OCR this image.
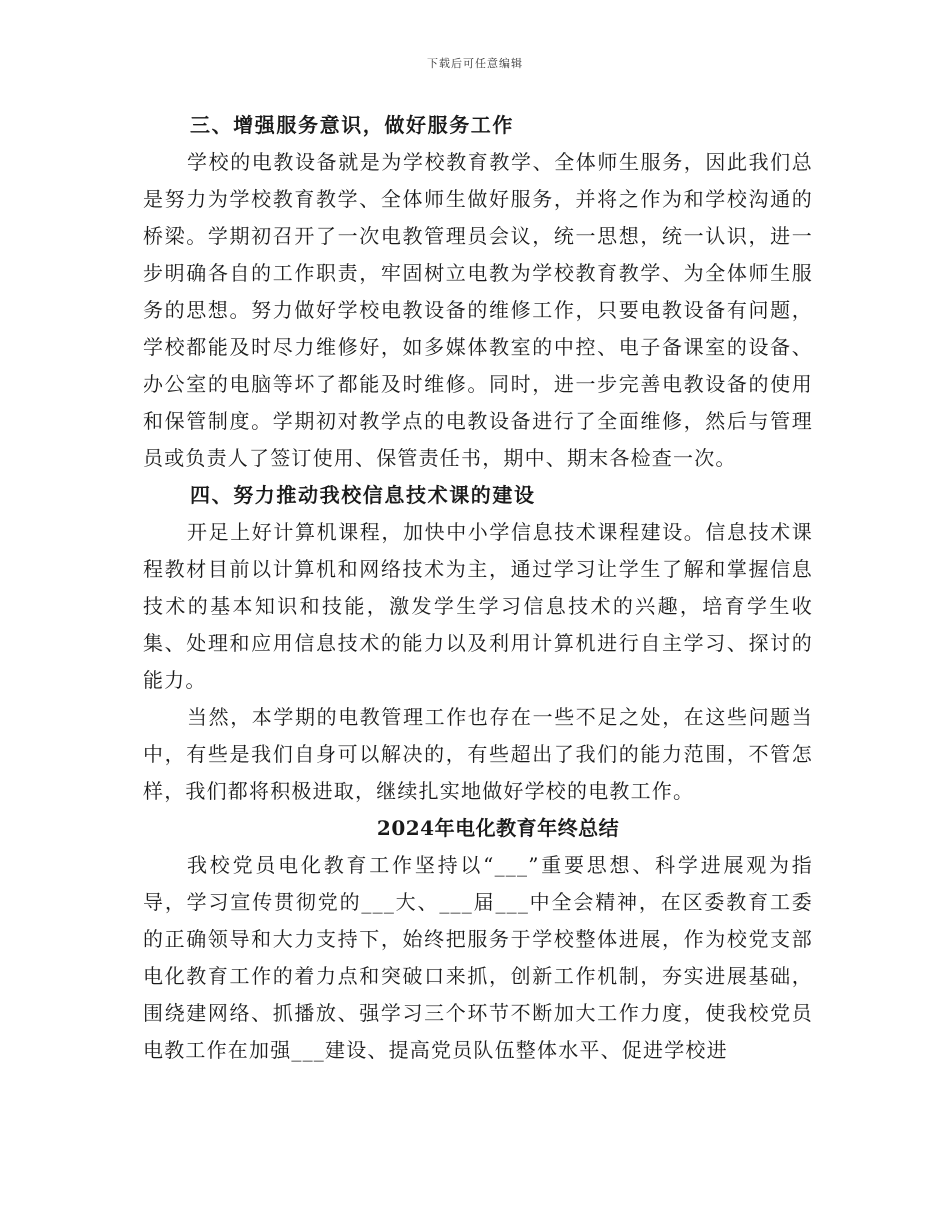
下载后可任意编辑

三、增强服务意识，做好服务工作

学校的电教设备就是为学校教育教学、全体师生服务，因此我们总是努力为学校教育教学、全体师生做好服务，并将之作为和学校沟通的桥梁。学期初召开了一次电教管理员会议，统一思想，统一认识，进一步明确各自的工作职责，牢固树立电教为学校教育教学、为全体师生服务的思想。努力做好学校电教设备的维修工作，只要电教设备有问题，学校都能及时尽力维修好，如多媒体教室的中控、电子备课室的设备、办公室的电脑等坏了都能及时维修。同时，进一步完善电教设备的使用和保管制度。学期初对教学点的电教设备进行了全面维修，然后与管理员或负责人了签订使用、保管责任书，期中、期末各检查一次。

四、努力推动我校信息技术课的建设

开足上好计算机课程，加快中小学信息技术课程建设。信息技术课程教材目前以计算机和网络技术为主，通过学习让学生了解和掌握信息技术的基本知识和技能，激发学生学习信息技术的兴趣，培育学生收集、处理和应用信息技术的能力以及利用计算机进行自主学习、探讨的能力。

当然，本学期的电教管理工作也存在一些不足之处，在这些问题当中，有些是我们自身可以解决的，有些超出了我们的能力范围，不管怎样，我们都将积极进取，继续扎实地做好学校的电教工作。

2024年电化教育年终总结

我校党员电化教育工作坚持以“___”重要思想、科学进展观为指导，学习宣传贯彻党的___大、___届___中全会精神，在区委教育工委的正确领导和大力支持下，始终把服务于学校整体进展，作为校党支部电化教育工作的着力点和突破口来抓，创新工作机制，夯实进展基础，围绕建网络、抓播放、强学习三个环节不断加大工作力度，使我校党员电教工作在加强___建设、提高党员队伍整体水平、促进学校进
